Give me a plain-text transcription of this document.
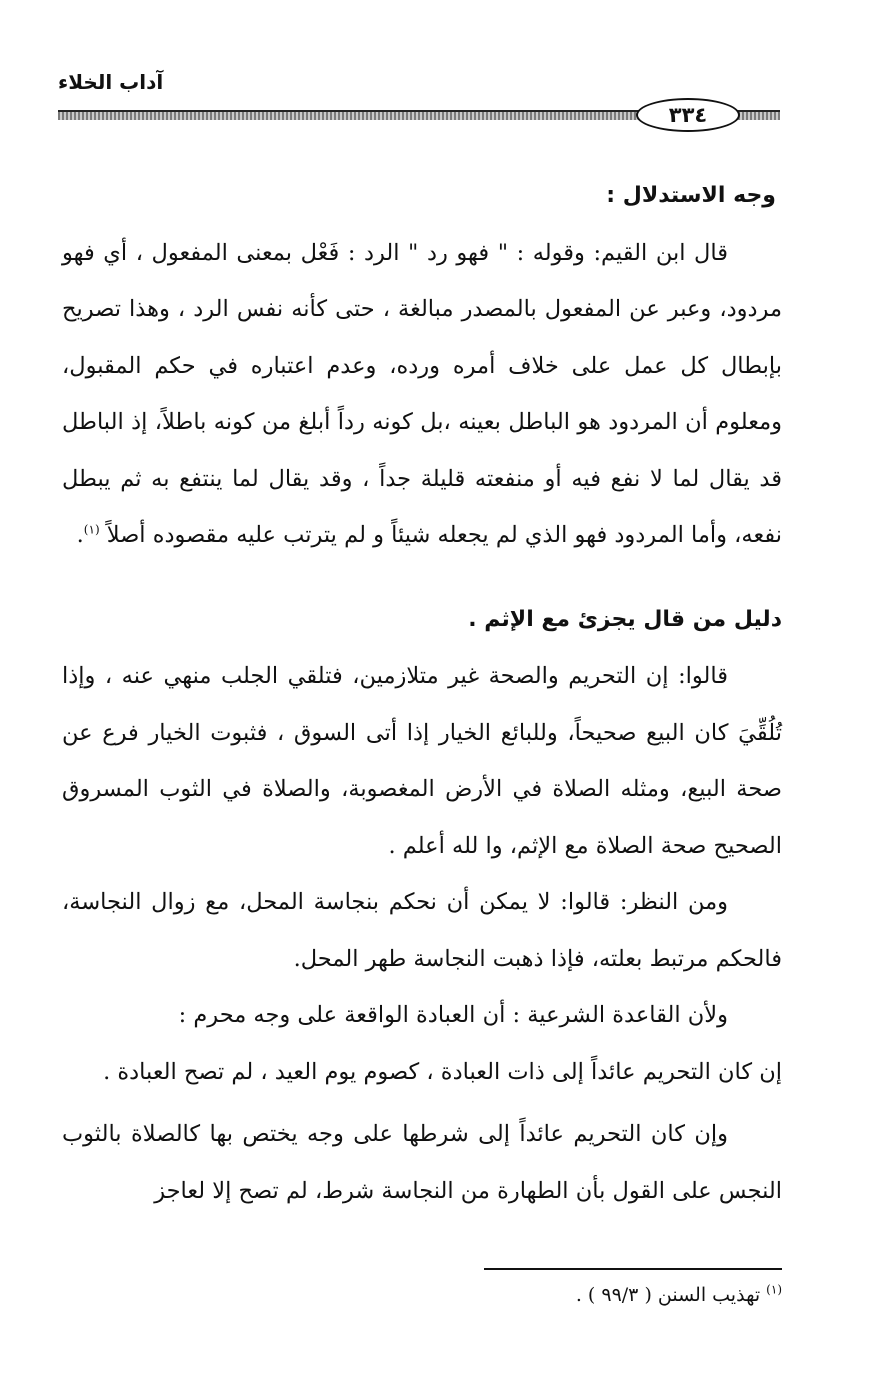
آداب الخلاء
٣٣٤

وجه الاستدلال :

قال ابن القيم: وقوله : " فهو رد " الرد : فَعْل بمعنى المفعول ، أي فهو مردود، وعبر عن المفعول بالمصدر مبالغة ، حتى كأنه نفس الرد ، وهذا تصريح بإبطال كل عمل على خلاف أمره ورده، وعدم اعتباره في حكم المقبول، ومعلوم أن المردود هو الباطل بعينه ،بل كونه رداً أبلغ من كونه باطلاً، إذ الباطل قد يقال لما لا نفع فيه أو منفعته قليلة جداً ، وقد يقال لما ينتفع به ثم يبطل نفعه، وأما المردود فهو الذي لم يجعله شيئاً و لم يترتب عليه مقصوده أصلاً $^{(١)}$.

دليل من قال يجزئ مع الإثم .

قالوا: إن التحريم والصحة غير متلازمين، فتلقي الجلب منهي عنه ، وإذا تُلُقِّيَ كان البيع صحيحاً، وللبائع الخيار إذا أتى السوق ، فثبوت الخيار فرع عن صحة البيع، ومثله الصلاة في الأرض المغصوبة، والصلاة في الثوب المسروق الصحيح صحة الصلاة مع الإثم، وا لله أعلم .

ومن النظر: قالوا: لا يمكن أن نحكم بنجاسة المحل، مع زوال النجاسة، فالحكم مرتبط بعلته، فإذا ذهبت النجاسة طهر المحل.

ولأن القاعدة الشرعية : أن العبادة الواقعة على وجه محرم :

إن كان التحريم عائداً إلى ذات العبادة ، كصوم يوم العيد ، لم تصح العبادة .

وإن كان التحريم عائداً إلى شرطها على وجه يختص بها كالصلاة بالثوب النجس على القول بأن الطهارة من النجاسة شرط، لم تصح إلا لعاجز

$^{(١)}$ تهذيب السنن ( ٩٩/٣ ) .
